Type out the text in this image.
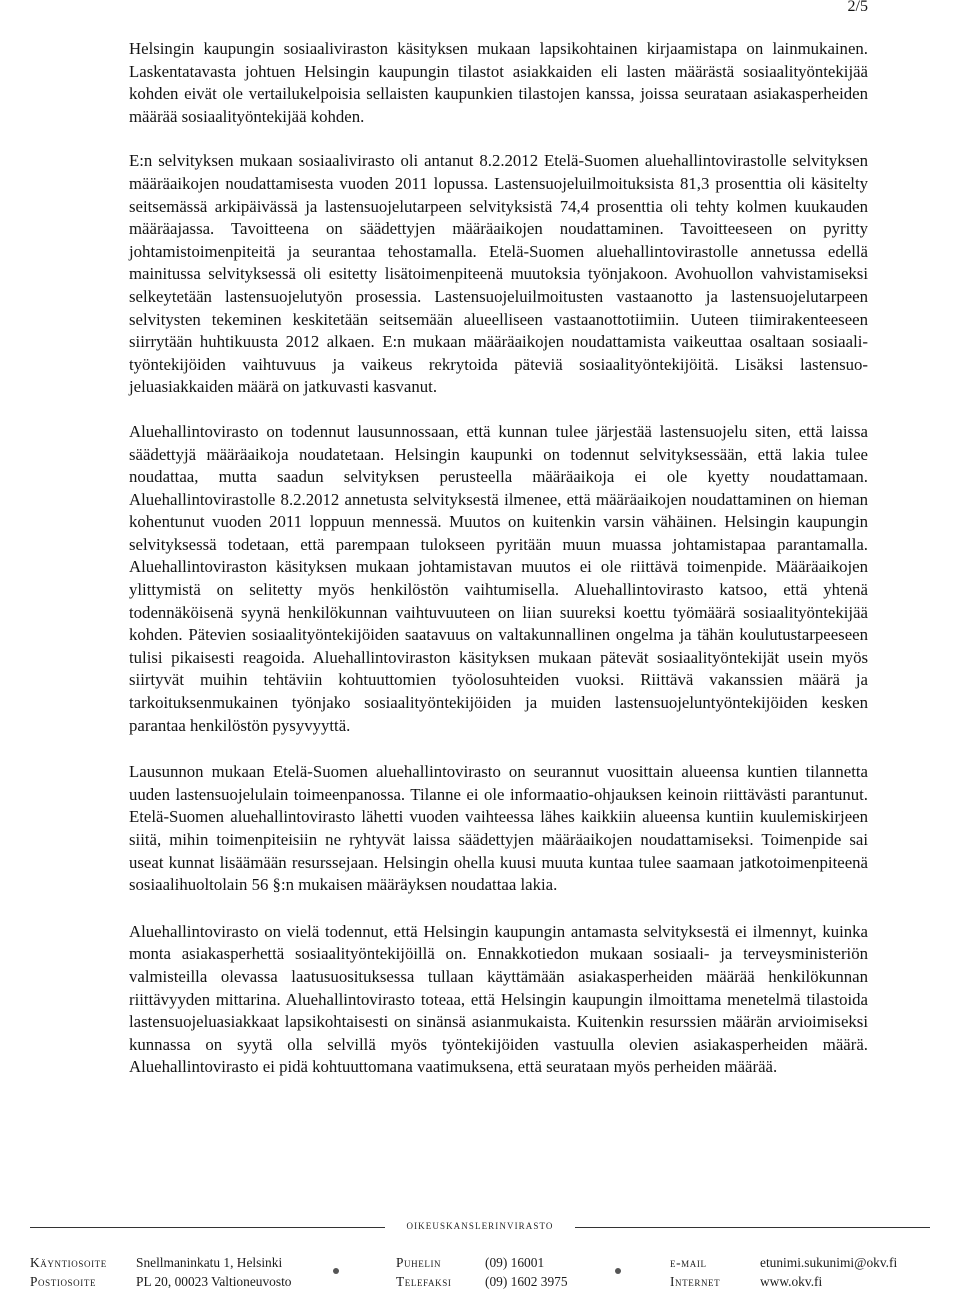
2/5

Helsingin kaupungin sosiaaliviraston käsityksen mukaan lapsikohtainen kirjaamistapa on lainmukainen. Laskentatavasta johtuen Helsingin kaupungin tilastot asiakkaiden eli lasten määrästä sosiaalityöntekijää kohden eivät ole vertailukelpoisia sellaisten kaupunkien tilastojen kanssa, joissa seurataan asiakasperheiden määrää sosiaalityöntekijää kohden.

E:n selvityksen mukaan sosiaalivirasto oli antanut 8.2.2012 Etelä-Suomen aluehallintovirastolle selvityksen määräaikojen noudattamisesta vuoden 2011 lopussa. Lastensuojeluilmoituksista 81,3 prosenttia oli käsitelty seitsemässä arkipäivässä ja lastensuojelutarpeen selvityksistä 74,4 prosenttia oli tehty kolmen kuukauden määräajassa. Tavoitteena on säädettyjen määräaikojen noudattaminen. Tavoitteeseen on pyritty johtamistoimenpiteitä ja seurantaa tehostamalla. Etelä-Suomen aluehallintovirastolle annetussa edellä mainitussa selvityksessä oli esitetty lisätoimenpiteenä muutoksia työnjakoon. Avohuollon vahvistamiseksi selkeytetään lastensuojelutyön prosessia. Lastensuojeluilmoitusten vastaanotto ja lastensuojelutarpeen selvitysten tekeminen keskitetään seitsemään alueelliseen vastaanottotiimiin. Uuteen tiimirakenteeseen siirrytään huhtikuusta 2012 alkaen. E:n mukaan määräaikojen noudattamista vaikeuttaa osaltaan sosiaalityöntekijöiden vaihtuvuus ja vaikeus rekrytoida päteviä sosiaalityöntekijöitä. Lisäksi lastensuojeluasiakkaiden määrä on jatkuvasti kasvanut.

Aluehallintovirasto on todennut lausunnossaan, että kunnan tulee järjestää lastensuojelu siten, että laissa säädettyjä määräaikoja noudatetaan. Helsingin kaupunki on todennut selvityksessään, että lakia tulee noudattaa, mutta saadun selvityksen perusteella määräaikoja ei ole kyetty noudattamaan. Aluehallintovirastolle 8.2.2012 annetusta selvityksestä ilmenee, että määräaikojen noudattaminen on hieman kohentunut vuoden 2011 loppuun mennessä. Muutos on kuitenkin varsin vähäinen. Helsingin kaupungin selvityksessä todetaan, että parempaan tulokseen pyritään muun muassa johtamistapaa parantamalla. Aluehallintoviraston käsityksen mukaan johtamistavan muutos ei ole riittävä toimenpide. Määräaikojen ylittymistä on selitetty myös henkilöstön vaihtumisella. Aluehallintovirasto katsoo, että yhtenä todennäköisenä syynä henkilökunnan vaihtuvuuteen on liian suureksi koettu työmäärä sosiaalityöntekijää kohden. Pätevien sosiaalityöntekijöiden saatavuus on valtakunnallinen ongelma ja tähän koulutustarpeeseen tulisi pikaisesti reagoida. Aluehallintoviraston käsityksen mukaan pätevät sosiaalityöntekijät usein myös siirtyvät muihin tehtäviin kohtuuttomien työolosuhteiden vuoksi. Riittävä vakanssien määrä ja tarkoituksenmukainen työnjako sosiaalityöntekijöiden ja muiden lastensuojeluntyöntekijöiden kesken parantaa henkilöstön pysyvyyttä.

Lausunnon mukaan Etelä-Suomen aluehallintovirasto on seurannut vuosittain alueensa kuntien tilannetta uuden lastensuojelulain toimeenpanossa. Tilanne ei ole informaatio-ohjauksen keinoin riittävästi parantunut. Etelä-Suomen aluehallintovirasto lähetti vuoden vaihteessa lähes kaikkiin alueensa kuntiin kuulemiskirjeen siitä, mihin toimenpiteisiin ne ryhtyvät laissa säädettyjen määräaikojen noudattamiseksi. Toimenpide sai useat kunnat lisäämään resurssejaan. Helsingin ohella kuusi muuta kuntaa tulee saamaan jatkotoimenpiteenä sosiaalihuoltolain 56 §:n mukaisen määräyksen noudattaa lakia.

Aluehallintovirasto on vielä todennut, että Helsingin kaupungin antamasta selvityksestä ei ilmennyt, kuinka monta asiakasperhettä sosiaalityöntekijöillä on. Ennakkotiedon mukaan sosiaali- ja terveysministeriön valmisteilla olevassa laatusuosituksessa tullaan käyttämään asiakasperheiden määrää henkilökunnan riittävyyden mittarina. Aluehallintovirasto toteaa, että Helsingin kaupungin ilmoittama menetelmä tilastoida lastensuojeluasiakkaat lapsikohtaisesti on sinänsä asianmukaista. Kuitenkin resurssien määrän arvioimiseksi kunnassa on syytä olla selvillä myös työntekijöiden vastuulla olevien asiakasperheiden määrä. Aluehallintovirasto ei pidä kohtuuttomana vaatimuksena, että seurataan myös perheiden määrää.

oikeuskanslerinvirasto
Käyntiosoite
Postiosoite
Snellmaninkatu 1, Helsinki
PL 20, 00023 Valtioneuvosto
Puhelin
Telefaksi
(09) 16001
(09) 1602 3975
e-mail
Internet
etunimi.sukunimi@okv.fi
www.okv.fi
